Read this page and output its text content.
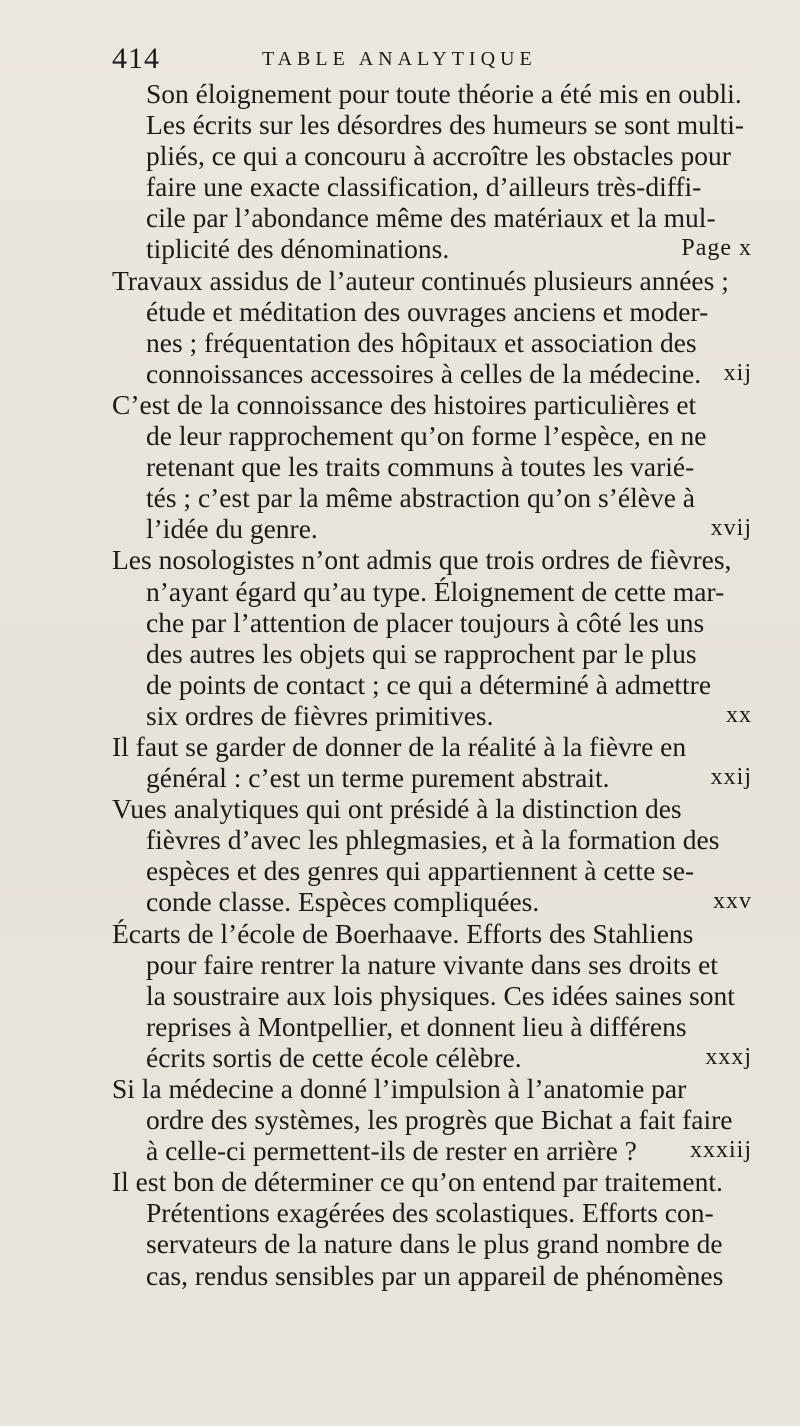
414	TABLE ANALYTIQUE
Son éloignement pour toute théorie a été mis en oubli.
Les écrits sur les désordres des humeurs se sont multi-
pliés, ce qui a concouru à accroître les obstacles pour
faire une exacte classification, d’ailleurs très-diffi-
cile par l’abondance même des matériaux et la mul-
tiplicité des dénominations.	Page x
Travaux assidus de l’auteur continués plusieurs années ;
étude et méditation des ouvrages anciens et moder-
nes ; fréquentation des hôpitaux et association des
connoissances accessoires à celles de la médecine. xij
C’est de la connoissance des histoires particulières et
de leur rapprochement qu’on forme l’espèce, en ne
retenant que les traits communs à toutes les varié-
tés ; c’est par la même abstraction qu’on s’élève à
l’idée du genre.	xvij
Les nosologistes n’ont admis que trois ordres de fièvres,
n’ayant égard qu’au type. Éloignement de cette mar-
che par l’attention de placer toujours à côté les uns
des autres les objets qui se rapprochent par le plus
de points de contact ; ce qui a déterminé à admettre
six ordres de fièvres primitives.	xx
Il faut se garder de donner de la réalité à la fièvre en
général : c’est un terme purement abstrait.	xxij
Vues analytiques qui ont présidé à la distinction des
fièvres d’avec les phlegmasies, et à la formation des
espèces et des genres qui appartiennent à cette se-
conde classe. Espèces compliquées.	xxv
Écarts de l’école de Boerhaave. Efforts des Stahliens
pour faire rentrer la nature vivante dans ses droits et
la soustraire aux lois physiques. Ces idées saines sont
reprises à Montpellier, et donnent lieu à différens
écrits sortis de cette école célèbre.	xxxj
Si la médecine a donné l’impulsion à l’anatomie par
ordre des systèmes, les progrès que Bichat a fait faire
à celle-ci permettent-ils de rester en arrière ? xxxiij
Il est bon de déterminer ce qu’on entend par traitement.
Prétentions exagérées des scolastiques. Efforts con-
servateurs de la nature dans le plus grand nombre de
cas, rendus sensibles par un appareil de phénomènes
